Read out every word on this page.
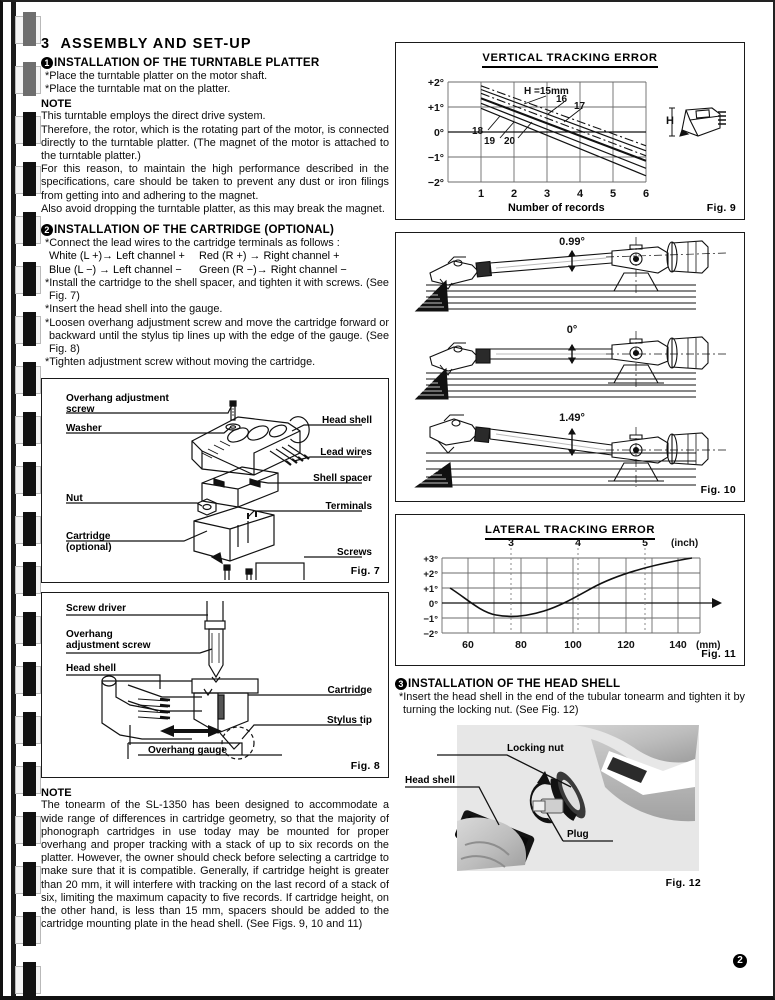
3 ASSEMBLY AND SET-UP
1 INSTALLATION OF THE TURNTABLE PLATTER

*Place the turntable platter on the motor shaft.

*Place the turntable mat on the platter.

NOTE

This turntable employs the direct drive system.

Therefore, the rotor, which is the rotating part of the motor, is connected directly to the turntable platter. (The magnet of the motor is attached to the turntable platter.)

For this reason, to maintain the high performance described in the specifications, care should be taken to prevent any dust or iron filings from getting into and adhering to the magnet.

Also avoid dropping the turntable platter, as this may break the magnet.

2 INSTALLATION OF THE CARTRIDGE (OPTIONAL)

*Connect the lead wires to the cartridge terminals as follows :

White (L +)→ Left channel + Red (R +) → Right channel +
Blue (L −) → Left channel − Green (R −)→ Right channel −

*Install the cartridge to the shell spacer, and tighten it with screws. (See Fig. 7)

*Insert the head shell into the gauge.

*Loosen overhang adjustment screw and move the cartridge forward or backward until the stylus tip lines up with the edge of the gauge. (See Fig. 8)

*Tighten adjustment screw without moving the cartridge.

Overhang adjustment
screw
Washer
Nut
Cartridge
(optional)
Head shell
Lead wires
Shell spacer
Terminals
Screws
Fig. 7
Screw driver
Overhang
adjustment screw
Head shell
Overhang gauge
Cartridge
Stylus tip
Fig. 8

NOTE

The tonearm of the SL-1350 has been designed to accommodate a wide range of differences in cartridge geometry, so that the majority of phonograph cartridges in use today may be mounted for proper overhang and proper tracking with a stack of up to six records on the platter. However, the owner should check before selecting a cartridge to make sure that it is compatible. Generally, if cartridge height is greater than 20 mm, it will interfere with tracking on the last record of a stack of six, limiting the maximum capacity to five records. If cartridge height, on the other hand, is less than 15 mm, spacers should be added to the cartridge mounting plate in the head shell. (See Figs. 9, 10 and 11)

VERTICAL TRACKING ERROR
+2°
+1°
0°
−1°
−2°
1 2 3 4 5 6
H =15mm
16
17
18
19 20
H
Number of records	Fig. 9
0.99°
0°
1.49°
Fig. 10
LATERAL TRACKING ERROR
+3°
+2°
+1°
0°
−1°
−2°
60	80	100	120	140 (mm)
3	4	5 (inch)
Fig. 11
3 INSTALLATION OF THE HEAD SHELL

*Insert the head shell in the end of the tubular tonearm and tighten it by turning the locking nut. (See Fig. 12)

Locking nut
Head shell
Plug
Fig. 12
2
